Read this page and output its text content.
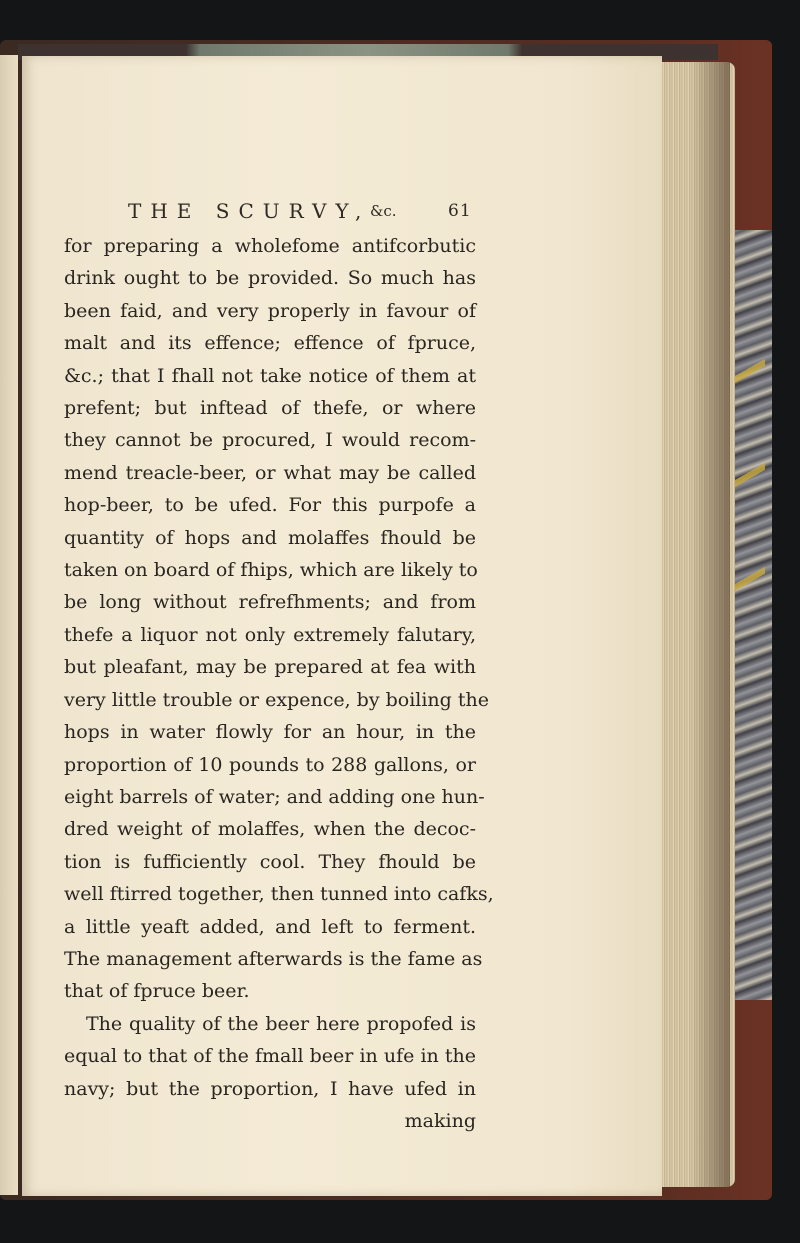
THE SCURVY, &c.	61
for preparing a wholefome antifcorbutic
drink ought to be provided. So much has
been faid, and very properly in favour of
malt and its effence; effence of fpruce,
&c.; that I fhall not take notice of them at
prefent; but inftead of thefe, or where
they cannot be procured, I would recom-
mend treacle-beer, or what may be called
hop-beer, to be ufed. For this purpofe a
quantity of hops and molaffes fhould be
taken on board of fhips, which are likely to
be long without refrefhments; and from
thefe a liquor not only extremely falutary,
but pleafant, may be prepared at fea with
very little trouble or expence, by boiling the
hops in water flowly for an hour, in the
proportion of 10 pounds to 288 gallons, or
eight barrels of water; and adding one hun-
dred weight of molaffes, when the decoc-
tion is fufficiently cool. They fhould be
well ftirred together, then tunned into cafks,
a little yeaft added, and left to ferment.
The management afterwards is the fame as
that of fpruce beer.
The quality of the beer here propofed is
equal to that of the fmall beer in ufe in the
navy; but the proportion, I have ufed in
making
